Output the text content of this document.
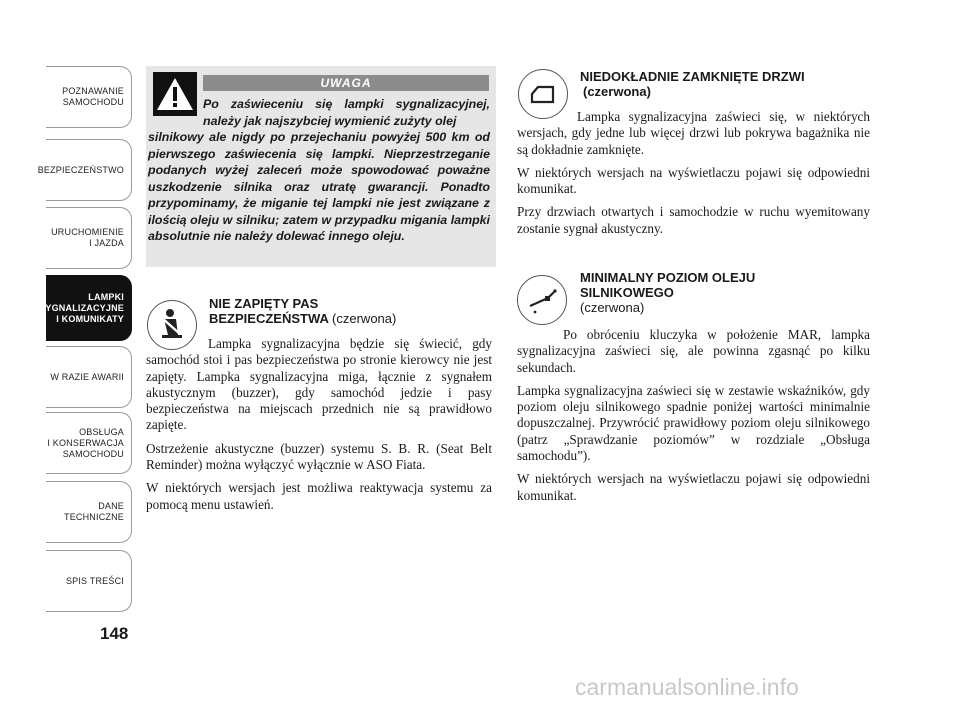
POZNAWANIE
SAMOCHODU
BEZPIECZEŃSTWO
URUCHOMIENIE
I JAZDA
LAMPKI
SYGNALIZACYJNE
I KOMUNIKATY
W RAZIE AWARII
OBSŁUGA
I KONSERWACJA
SAMOCHODU
DANE
TECHNICZNE
SPIS TREŚCI
148
UWAGA
Po zaświeceniu się lampki sygnalizacyjnej, należy jak najszybciej wymienić zużyty olej
silnikowy ale nigdy po przejechaniu powyżej 500 km od pierwszego zaświecenia się lampki. Nieprzestrzeganie podanych wyżej zaleceń może spowodować poważne uszkodzenie silnika oraz utratę gwarancji. Ponadto przypominamy, że miganie tej lampki nie jest związane z ilością oleju w silniku; zatem w przypadku migania lampki absolutnie nie należy dolewać innego oleju.
NIE ZAPIĘTY PAS
BEZPIECZEŃSTWA (czerwona)

Lampka sygnalizacyjna będzie się świecić, gdy samochód stoi i pas bezpieczeństwa po stronie kierowcy nie jest zapięty. Lampka sygnalizacyjna miga, łącznie z sygnałem akustycznym (buzzer), gdy samochód jedzie i pasy bezpieczeństwa na miejscach przednich nie są prawidłowo zapięte.

Ostrzeżenie akustyczne (buzzer) systemu S. B. R. (Seat Belt Reminder) można wyłączyć wyłącznie w ASO Fiata.

W niektórych wersjach jest możliwa reaktywacja systemu za pomocą menu ustawień.

NIEDOKŁADNIE ZAMKNIĘTE DRZWI
(czerwona)

Lampka sygnalizacyjna zaświeci się, w niektórych wersjach, gdy jedne lub więcej drzwi lub pokrywa bagażnika nie są dokładnie zamknięte.

W niektórych wersjach na wyświetlaczu pojawi się odpowiedni komunikat.

Przy drzwiach otwartych i samochodzie w ruchu wyemitowany zostanie sygnał akustyczny.

MINIMALNY POZIOM OLEJU
SILNIKOWEGO
(czerwona)

Po obróceniu kluczyka w położenie MAR, lampka sygnalizacyjna zaświeci się, ale powinna zgasnąć po kilku sekundach.

Lampka sygnalizacyjna zaświeci się w zestawie wskaźników, gdy poziom oleju silnikowego spadnie poniżej wartości minimalnie dopuszczalnej. Przywrócić prawidłowy poziom oleju silnikowego (patrz „Sprawdzanie poziomów” w rozdziale „Obsługa samochodu”).

W niektórych wersjach na wyświetlaczu pojawi się odpowiedni komunikat.

carmanualsonline.info
